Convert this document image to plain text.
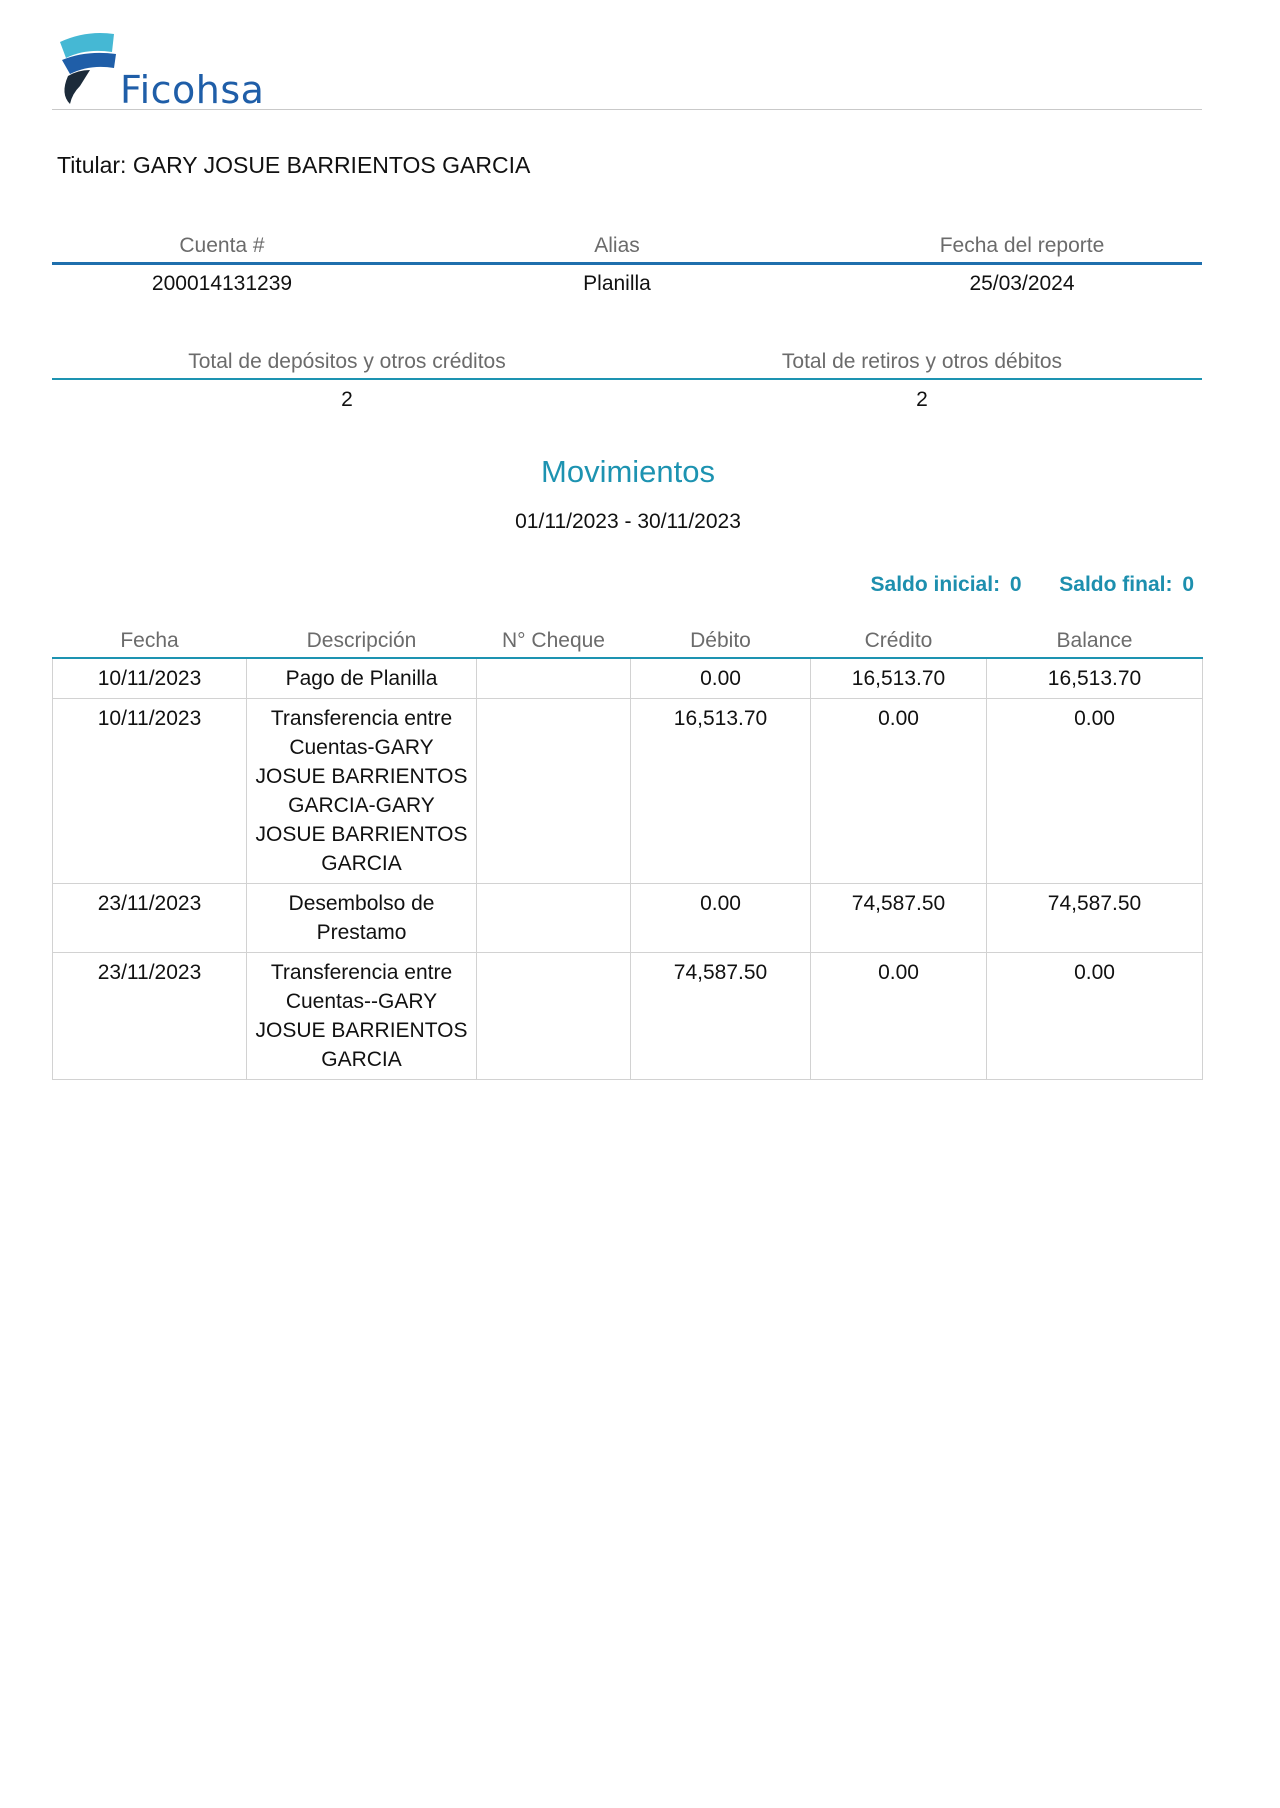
Ficohsa
Titular: GARY JOSUE BARRIENTOS GARCIA
Cuenta #	Alias	Fecha del reporte
200014131239	Planilla	25/03/2024
Total de depósitos y otros créditos	Total de retiros y otros débitos
2	2
Movimientos
01/11/2023 - 30/11/2023
Saldo inicial: 0 Saldo final: 0
Fecha	Descripción	N° Cheque	Débito	Crédito	Balance
10/11/2023	Pago de Planilla		0.00	16,513.70	16,513.70
10/11/2023	Transferencia entre Cuentas-GARY JOSUE BARRIENTOS GARCIA-GARY JOSUE BARRIENTOS GARCIA		16,513.70	0.00	0.00
23/11/2023	Desembolso de Prestamo		0.00	74,587.50	74,587.50
23/11/2023	Transferencia entre Cuentas--GARY JOSUE BARRIENTOS GARCIA		74,587.50	0.00	0.00
